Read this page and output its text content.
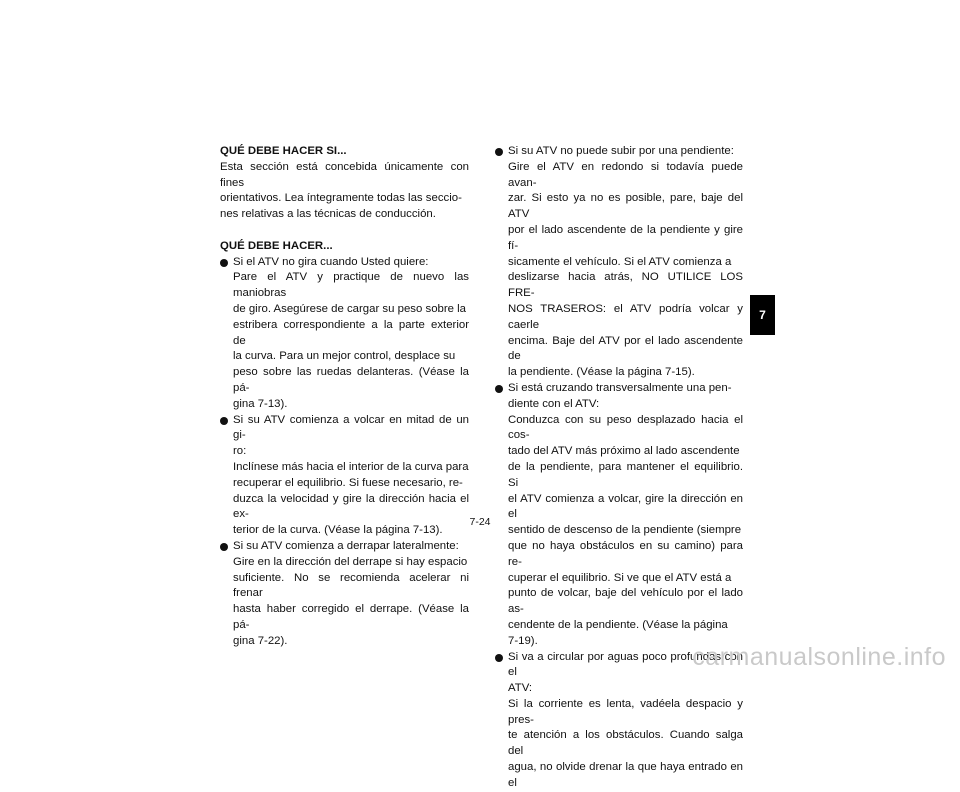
QUÉ DEBE HACER SI...

Esta sección está concebida únicamente con fines

orientativos. Lea íntegramente todas las seccio-

nes relativas a las técnicas de conducción.

QUÉ DEBE HACER...

Si el ATV no gira cuando Usted quiere:
Pare el ATV y practique de nuevo las maniobras
de giro. Asegúrese de cargar su peso sobre la
estribera correspondiente a la parte exterior de
la curva. Para un mejor control, desplace su
peso sobre las ruedas delanteras. (Véase la pá-
gina 7-13).
Si su ATV comienza a volcar en mitad de un gi-
ro:
Inclínese más hacia el interior de la curva para
recuperar el equilibrio. Si fuese necesario, re-
duzca la velocidad y gire la dirección hacia el ex-
terior de la curva. (Véase la página 7-13).
Si su ATV comienza a derrapar lateralmente:
Gire en la dirección del derrape si hay espacio
suficiente. No se recomienda acelerar ni frenar
hasta haber corregido el derrape. (Véase la pá-
gina 7-22).
Si su ATV no puede subir por una pendiente:
Gire el ATV en redondo si todavía puede avan-
zar. Si esto ya no es posible, pare, baje del ATV
por el lado ascendente de la pendiente y gire fí-
sicamente el vehículo. Si el ATV comienza a
deslizarse hacia atrás, NO UTILICE LOS FRE-
NOS TRASEROS: el ATV podría volcar y caerle
encima. Baje del ATV por el lado ascendente de
la pendiente. (Véase la página 7-15).
Si está cruzando transversalmente una pen-
diente con el ATV:
Conduzca con su peso desplazado hacia el cos-
tado del ATV más próximo al lado ascendente
de la pendiente, para mantener el equilibrio. Si
el ATV comienza a volcar, gire la dirección en el
sentido de descenso de la pendiente (siempre
que no haya obstáculos en su camino) para re-
cuperar el equilibrio. Si ve que el ATV está a
punto de volcar, baje del vehículo por el lado as-
cendente de la pendiente. (Véase la página
7-19).
Si va a circular por aguas poco profundas con el
ATV:
Si la corriente es lenta, vadéela despacio y pres-
te atención a los obstáculos. Cuando salga del
agua, no olvide drenar la que haya entrado en el
7
7-24
carmanualsonline.info
